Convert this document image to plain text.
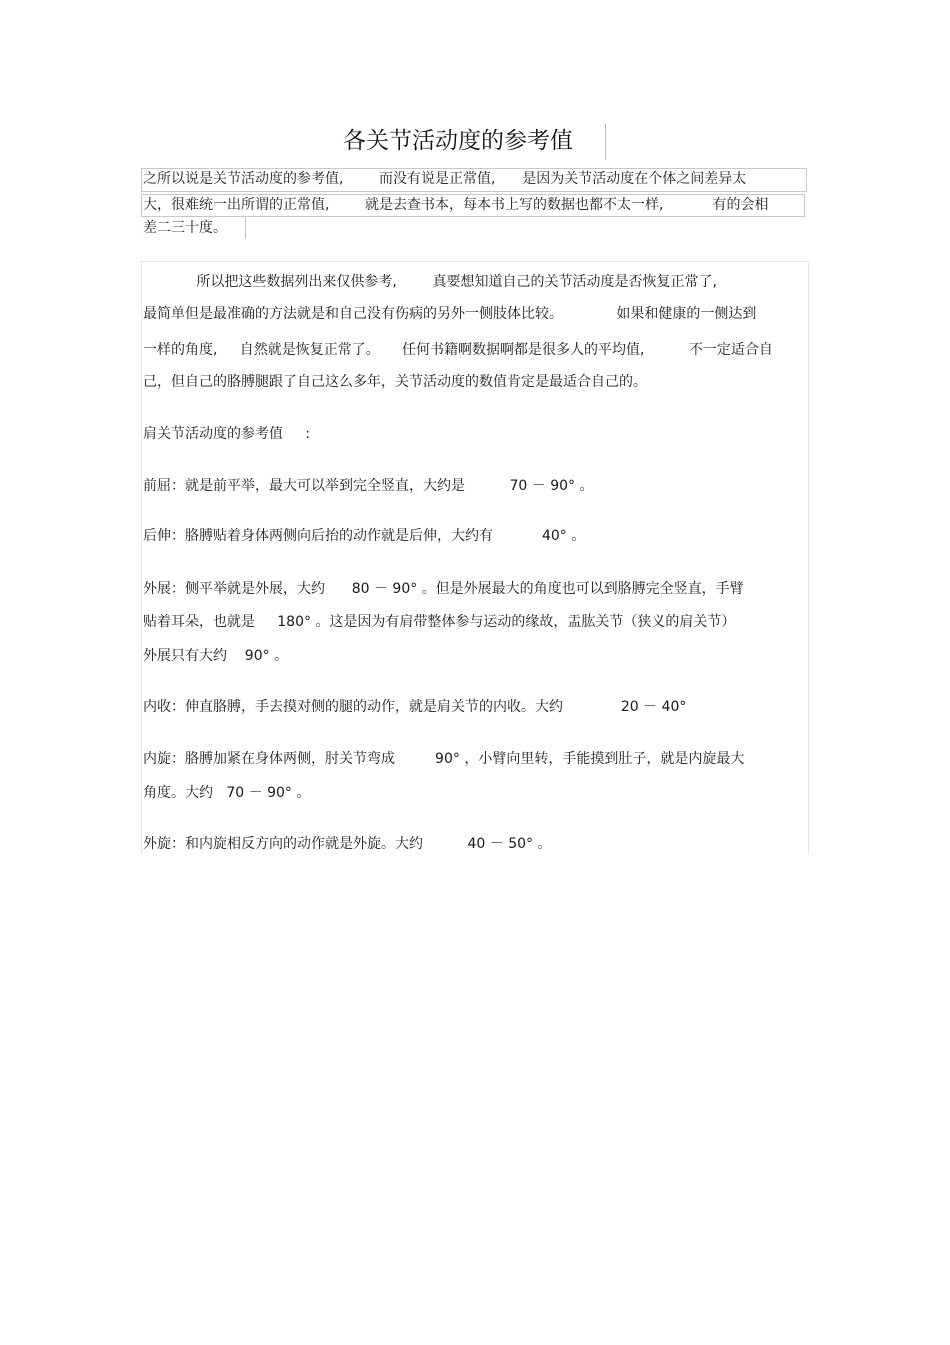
各关节活动度的参考值
之所以说是关节活动度的参考值,        而没有说是正常值,      是因为关节活动度在个体之间差异太
大，很难统一出所谓的正常值,        就是去查书本，每本书上写的数据也都不太一样,           有的会相
差二三十度。
所以把这些数据列出来仅供参考,        真要想知道自己的关节活动度是否恢复正常了,
最简单但是最准确的方法就是和自己没有伤病的另外一侧肢体比较。            如果和健康的一侧达到
一样的角度,     自然就是恢复正常了。     任何书籍啊数据啊都是很多人的平均值,          不一定适合自
己，但自己的胳膊腿跟了自己这么多年，关节活动度的数值肯定是最适合自己的。
肩关节活动度的参考值     :
前屈：就是前平举，最大可以举到完全竖直，大约是          70 － 90° 。
后伸：胳膊贴着身体两侧向后抬的动作就是后伸，大约有           40° 。
外展：侧平举就是外展，大约      80 － 90° 。但是外展最大的角度也可以到胳膊完全竖直，手臂
贴着耳朵，也就是     180° 。这是因为有肩带整体参与运动的缘故，盂肱关节（狭义的肩关节）
外展只有大约    90° 。
内收：伸直胳膊，手去摸对侧的腿的动作，就是肩关节的内收。大约             20 － 40°
内旋：胳膊加紧在身体两侧，肘关节弯成         90° ，小臂向里转，手能摸到肚子，就是内旋最大
角度。大约   70 － 90° 。
外旋：和内旋相反方向的动作就是外旋。大约          40 － 50° 。
